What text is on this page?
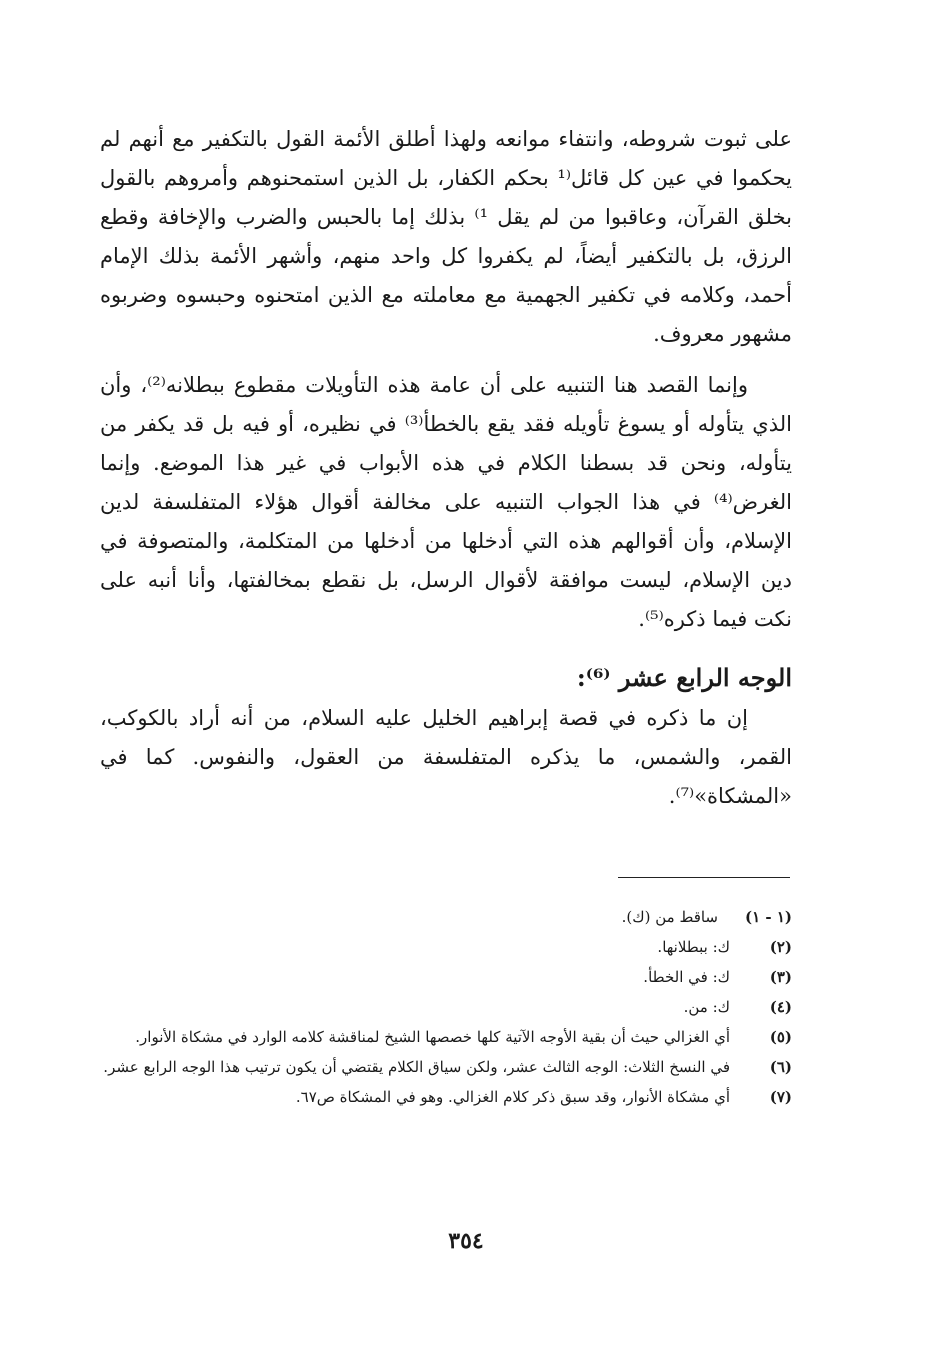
على ثبوت شروطه، وانتفاء موانعه ولهذا أطلق الأئمة القول بالتكفير مع أنهم لم يحكموا في عين كل قائل⁽¹ بحكم الكفار، بل الذين استمحنوهم وأمروهم بالقول بخلق القرآن، وعاقبوا من لم يقل ¹⁾ بذلك إما بالحبس والضرب والإخافة وقطع الرزق، بل بالتكفير أيضاً، لم يكفروا كل واحد منهم، وأشهر الأئمة بذلك الإمام أحمد، وكلامه في تكفير الجهمية مع معاملته مع الذين امتحنوه وحبسوه وضربوه مشهور معروف.

وإنما القصد هنا التنبيه على أن عامة هذه التأويلات مقطوع ببطلانه⁽²⁾، وأن الذي يتأوله أو يسوغ تأويله فقد يقع بالخطأ⁽³⁾ في نظيره، أو فيه بل قد يكفر من يتأوله، ونحن قد بسطنا الكلام في هذه الأبواب في غير هذا الموضع. وإنما الغرض⁽⁴⁾ في هذا الجواب التنبيه على مخالفة أقوال هؤلاء المتفلسفة لدين الإسلام، وأن أقوالهم هذه التي أدخلها من أدخلها من المتكلمة، والمتصوفة في دين الإسلام، ليست موافقة لأقوال الرسل، بل نقطع بمخالفتها، وأنا أنبه على نكت فيما ذكره⁽⁵⁾.

الوجه الرابع عشر ⁽⁶⁾:

إن ما ذكره في قصة إبراهيم الخليل عليه السلام، من أنه أراد بالكوكب، القمر، والشمس، ما يذكره المتفلسفة من العقول، والنفوس. كما في «المشكاة»⁽⁷⁾.

(١ - ١)
ساقط من (ك).
(٢)
ك: ببطلانها.
(٣)
ك: في الخطأ.
(٤)
ك: من.
(٥)
أي الغزالي حيث أن بقية الأوجه الآتية كلها خصصها الشيخ لمناقشة كلامه الوارد في مشكاة الأنوار.
(٦)
في النسخ الثلاث: الوجه الثالث عشر، ولكن سياق الكلام يقتضي أن يكون ترتيب هذا الوجه الرابع عشر.
(٧)
أي مشكاة الأنوار، وقد سبق ذكر كلام الغزالي. وهو في المشكاة ص٦٧.
٣٥٤
